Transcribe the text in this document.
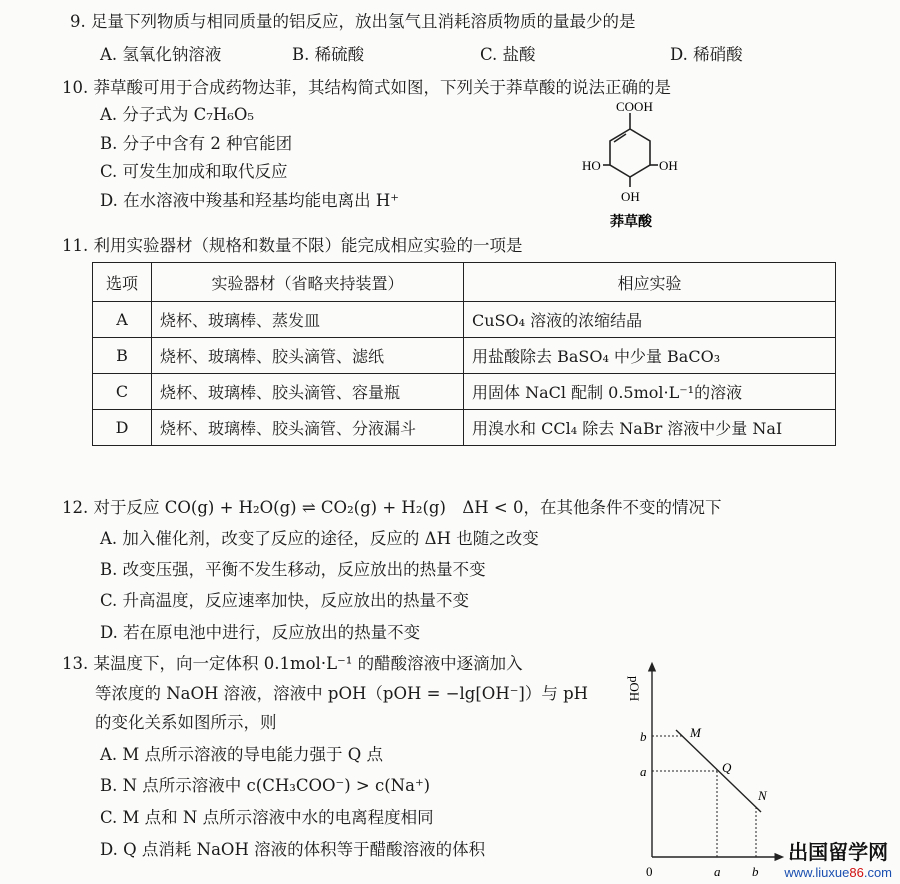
9. 足量下列物质与相同质量的铝反应，放出氢气且消耗溶质物质的量最少的是
A. 氢氧化钠溶液	B. 稀硫酸	C. 盐酸	D. 稀硝酸
10. 莽草酸可用于合成药物达菲，其结构简式如图，下列关于莽草酸的说法正确的是
A. 分子式为 C₇H₆O₅
B. 分子中含有 2 种官能团
C. 可发生加成和取代反应
D. 在水溶液中羧基和羟基均能电离出 H⁺
COOH
HO	OH
OH
莽草酸
11. 利用实验器材（规格和数量不限）能完成相应实验的一项是
选项	实验器材（省略夹持装置）	相应实验
A	烧杯、玻璃棒、蒸发皿	CuSO₄ 溶液的浓缩结晶
B	烧杯、玻璃棒、胶头滴管、滤纸	用盐酸除去 BaSO₄ 中少量 BaCO₃
C	烧杯、玻璃棒、胶头滴管、容量瓶	用固体 NaCl 配制 0.5mol·L⁻¹的溶液
D	烧杯、玻璃棒、胶头滴管、分液漏斗	用溴水和 CCl₄ 除去 NaBr 溶液中少量 NaI
12. 对于反应 CO(g) + H₂O(g) ⇌ CO₂(g) + H₂(g)　ΔH < 0，在其他条件不变的情况下
A. 加入催化剂，改变了反应的途径，反应的 ΔH 也随之改变
B. 改变压强，平衡不发生移动，反应放出的热量不变
C. 升高温度，反应速率加快，反应放出的热量不变
D. 若在原电池中进行，反应放出的热量不变
13. 某温度下，向一定体积 0.1mol·L⁻¹ 的醋酸溶液中逐滴加入
等浓度的 NaOH 溶液，溶液中 pOH（pOH = −lg[OH⁻]）与 pH
的变化关系如图所示，则
A. M 点所示溶液的导电能力强于 Q 点
B. N 点所示溶液中 c(CH₃COO⁻) > c(Na⁺)
C. M 点和 N 点所示溶液中水的电离程度相同
D. Q 点消耗 NaOH 溶液的体积等于醋酸溶液的体积
pOH
0	a b
b
a
M
Q
N
出国留学网
www.liuxue86.com
